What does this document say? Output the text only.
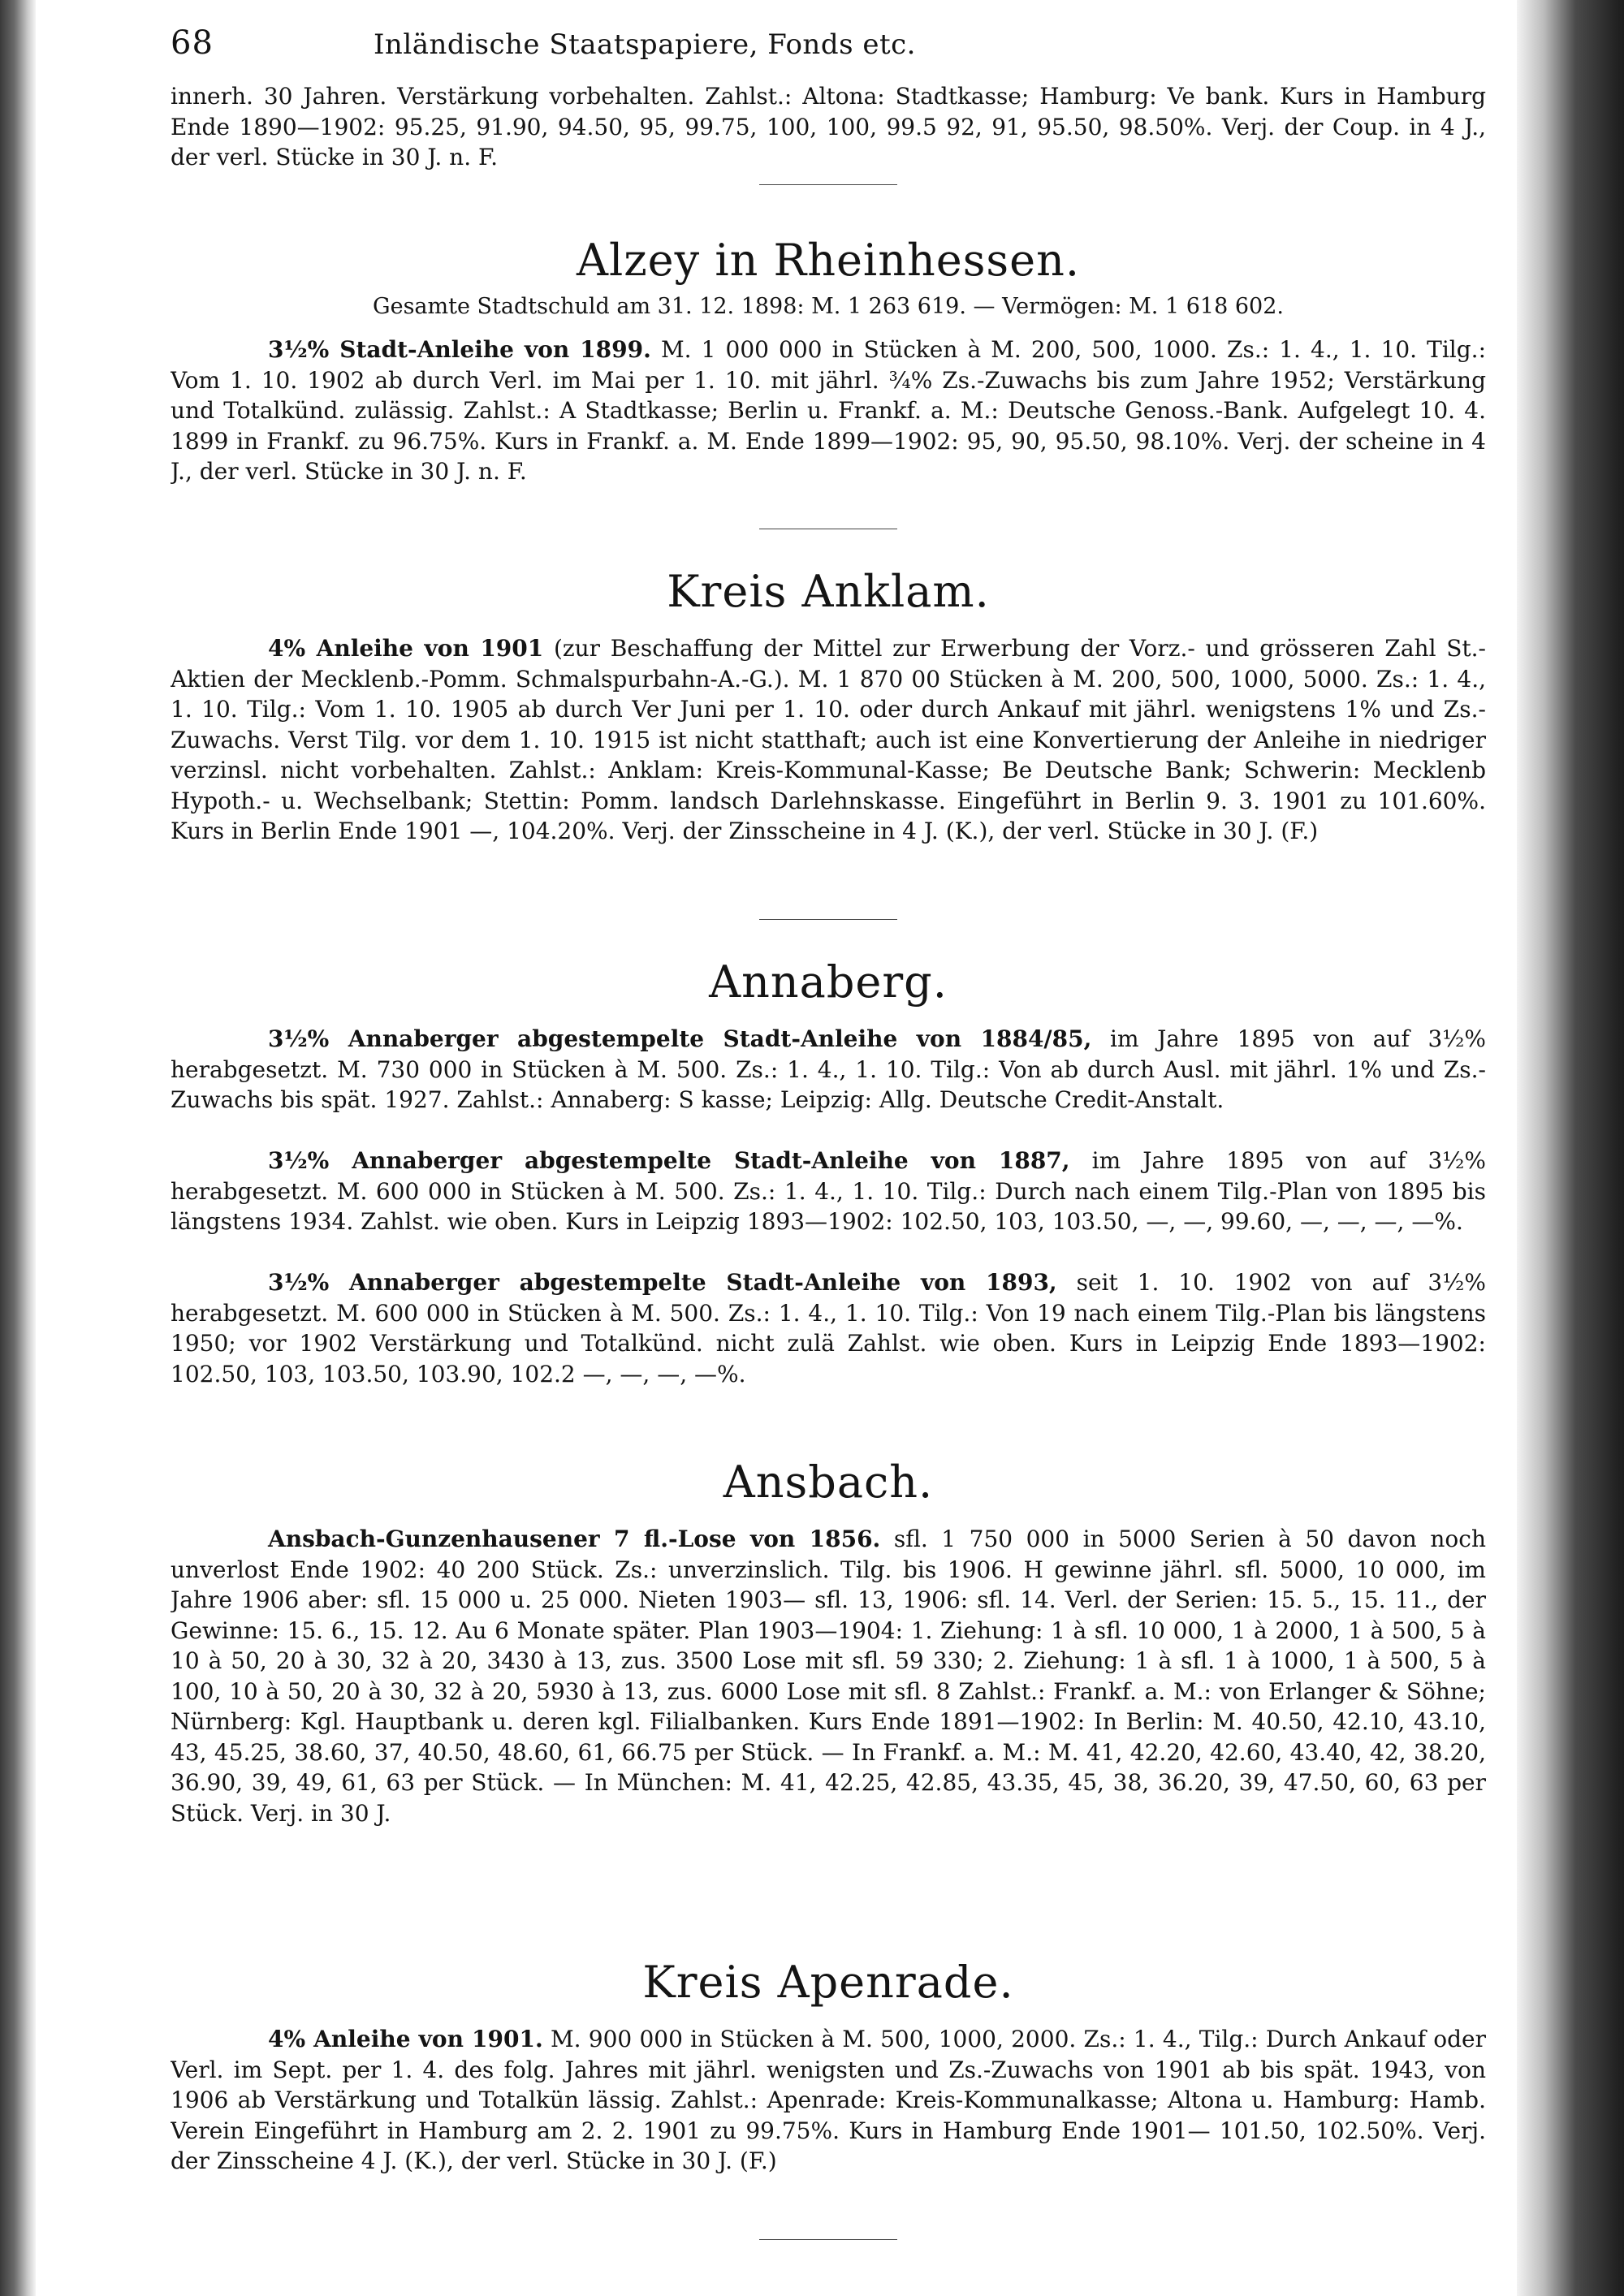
68	Inländische Staatspapiere, Fonds etc.

innerh. 30 Jahren. Verstärkung vorbehalten. Zahlst.: Altona: Stadtkasse; Hamburg: Ve bank. Kurs in Hamburg Ende 1890—1902: 95.25, 91.90, 94.50, 95, 99.75, 100, 100, 99.5 92, 91, 95.50, 98.50%. Verj. der Coup. in 4 J., der verl. Stücke in 30 J. n. F.

Alzey in Rheinhessen.
Gesamte Stadtschuld am 31. 12. 1898: M. 1 263 619. — Vermögen: M. 1 618 602.

3½% Stadt-Anleihe von 1899. M. 1 000 000 in Stücken à M. 200, 500, 1000. Zs.: 1. 4., 1. 10. Tilg.: Vom 1. 10. 1902 ab durch Verl. im Mai per 1. 10. mit jährl. ¾% Zs.-Zuwachs bis zum Jahre 1952; Verstärkung und Totalkünd. zulässig. Zahlst.: A Stadtkasse; Berlin u. Frankf. a. M.: Deutsche Genoss.-Bank. Aufgelegt 10. 4. 1899 in Frankf. zu 96.75%. Kurs in Frankf. a. M. Ende 1899—1902: 95, 90, 95.50, 98.10%. Verj. der scheine in 4 J., der verl. Stücke in 30 J. n. F.

Kreis Anklam.

4% Anleihe von 1901 (zur Beschaffung der Mittel zur Erwerbung der Vorz.- und grösseren Zahl St.-Aktien der Mecklenb.-Pomm. Schmalspurbahn-A.-G.). M. 1 870 00 Stücken à M. 200, 500, 1000, 5000. Zs.: 1. 4., 1. 10. Tilg.: Vom 1. 10. 1905 ab durch Ver Juni per 1. 10. oder durch Ankauf mit jährl. wenigstens 1% und Zs.-Zuwachs. Verst Tilg. vor dem 1. 10. 1915 ist nicht statthaft; auch ist eine Konvertierung der Anleihe in niedriger verzinsl. nicht vorbehalten. Zahlst.: Anklam: Kreis-Kommunal-Kasse; Be Deutsche Bank; Schwerin: Mecklenb Hypoth.- u. Wechselbank; Stettin: Pomm. landsch Darlehnskasse. Eingeführt in Berlin 9. 3. 1901 zu 101.60%. Kurs in Berlin Ende 1901 —, 104.20%. Verj. der Zinsscheine in 4 J. (K.), der verl. Stücke in 30 J. (F.)

Annaberg.

3½% Annaberger abgestempelte Stadt-Anleihe von 1884/85, im Jahre 1895 von auf 3½% herabgesetzt. M. 730 000 in Stücken à M. 500. Zs.: 1. 4., 1. 10. Tilg.: Von ab durch Ausl. mit jährl. 1% und Zs.-Zuwachs bis spät. 1927. Zahlst.: Annaberg: S kasse; Leipzig: Allg. Deutsche Credit-Anstalt.

3½% Annaberger abgestempelte Stadt-Anleihe von 1887, im Jahre 1895 von auf 3½% herabgesetzt. M. 600 000 in Stücken à M. 500. Zs.: 1. 4., 1. 10. Tilg.: Durch nach einem Tilg.-Plan von 1895 bis längstens 1934. Zahlst. wie oben. Kurs in Leipzig 1893—1902: 102.50, 103, 103.50, —, —, 99.60, —, —, —, —%.

3½% Annaberger abgestempelte Stadt-Anleihe von 1893, seit 1. 10. 1902 von auf 3½% herabgesetzt. M. 600 000 in Stücken à M. 500. Zs.: 1. 4., 1. 10. Tilg.: Von 19 nach einem Tilg.-Plan bis längstens 1950; vor 1902 Verstärkung und Totalkünd. nicht zulä Zahlst. wie oben. Kurs in Leipzig Ende 1893—1902: 102.50, 103, 103.50, 103.90, 102.2 —, —, —, —%.

Ansbach.

Ansbach-Gunzenhausener 7 fl.-Lose von 1856. sfl. 1 750 000 in 5000 Serien à 50 davon noch unverlost Ende 1902: 40 200 Stück. Zs.: unverzinslich. Tilg. bis 1906. H gewinne jährl. sfl. 5000, 10 000, im Jahre 1906 aber: sfl. 15 000 u. 25 000. Nieten 1903— sfl. 13, 1906: sfl. 14. Verl. der Serien: 15. 5., 15. 11., der Gewinne: 15. 6., 15. 12. Au 6 Monate später. Plan 1903—1904: 1. Ziehung: 1 à sfl. 10 000, 1 à 2000, 1 à 500, 5 à 10 à 50, 20 à 30, 32 à 20, 3430 à 13, zus. 3500 Lose mit sfl. 59 330; 2. Ziehung: 1 à sfl. 1 à 1000, 1 à 500, 5 à 100, 10 à 50, 20 à 30, 32 à 20, 5930 à 13, zus. 6000 Lose mit sfl. 8 Zahlst.: Frankf. a. M.: von Erlanger & Söhne; Nürnberg: Kgl. Hauptbank u. deren kgl. Filialbanken. Kurs Ende 1891—1902: In Berlin: M. 40.50, 42.10, 43.10, 43, 45.25, 38.60, 37, 40.50, 48.60, 61, 66.75 per Stück. — In Frankf. a. M.: M. 41, 42.20, 42.60, 43.40, 42, 38.20, 36.90, 39, 49, 61, 63 per Stück. — In München: M. 41, 42.25, 42.85, 43.35, 45, 38, 36.20, 39, 47.50, 60, 63 per Stück. Verj. in 30 J.

Kreis Apenrade.

4% Anleihe von 1901. M. 900 000 in Stücken à M. 500, 1000, 2000. Zs.: 1. 4., Tilg.: Durch Ankauf oder Verl. im Sept. per 1. 4. des folg. Jahres mit jährl. wenigsten und Zs.-Zuwachs von 1901 ab bis spät. 1943, von 1906 ab Verstärkung und Totalkün lässig. Zahlst.: Apenrade: Kreis-Kommunalkasse; Altona u. Hamburg: Hamb. Verein Eingeführt in Hamburg am 2. 2. 1901 zu 99.75%. Kurs in Hamburg Ende 1901— 101.50, 102.50%. Verj. der Zinsscheine 4 J. (K.), der verl. Stücke in 30 J. (F.)
